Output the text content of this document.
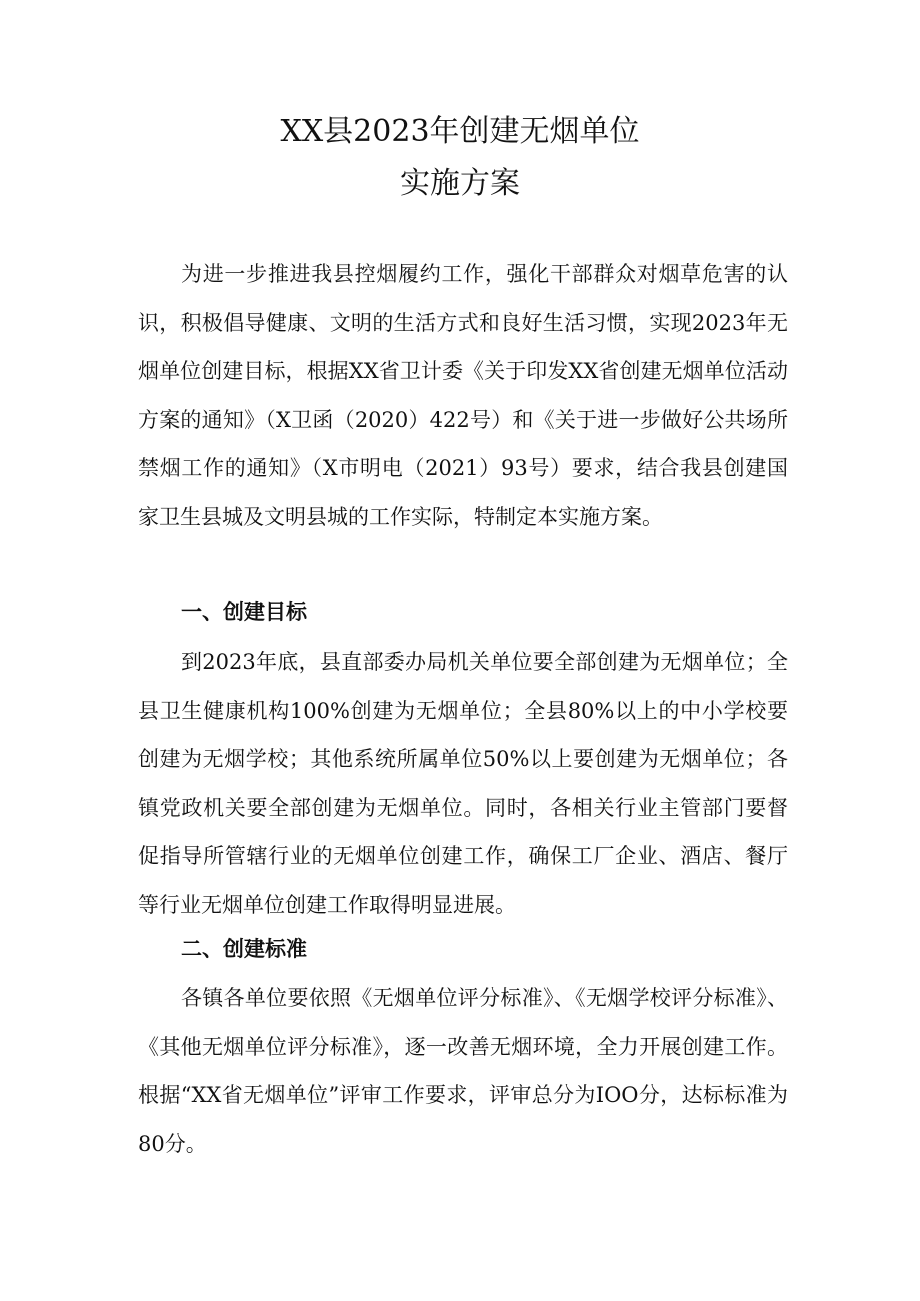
XX县2023年创建无烟单位
实施方案

为进一步推进我县控烟履约工作，强化干部群众对烟草危害的认识，积极倡导健康、文明的生活方式和良好生活习惯，实现2023年无烟单位创建目标，根据XX省卫计委《关于印发XX省创建无烟单位活动方案的通知》（X卫函（2020）422号）和《关于进一步做好公共场所禁烟工作的通知》（X市明电（2021）93号）要求，结合我县创建国家卫生县城及文明县城的工作实际，特制定本实施方案。

一、创建目标

到2023年底，县直部委办局机关单位要全部创建为无烟单位；全县卫生健康机构100%创建为无烟单位；全县80%以上的中小学校要创建为无烟学校；其他系统所属单位50%以上要创建为无烟单位；各镇党政机关要全部创建为无烟单位。同时，各相关行业主管部门要督促指导所管辖行业的无烟单位创建工作，确保工厂企业、酒店、餐厅等行业无烟单位创建工作取得明显进展。

二、创建标准

各镇各单位要依照《无烟单位评分标准》、《无烟学校评分标准》、《其他无烟单位评分标准》，逐一改善无烟环境，全力开展创建工作。根据“XX省无烟单位”评审工作要求，评审总分为IOO分，达标标准为80分。
